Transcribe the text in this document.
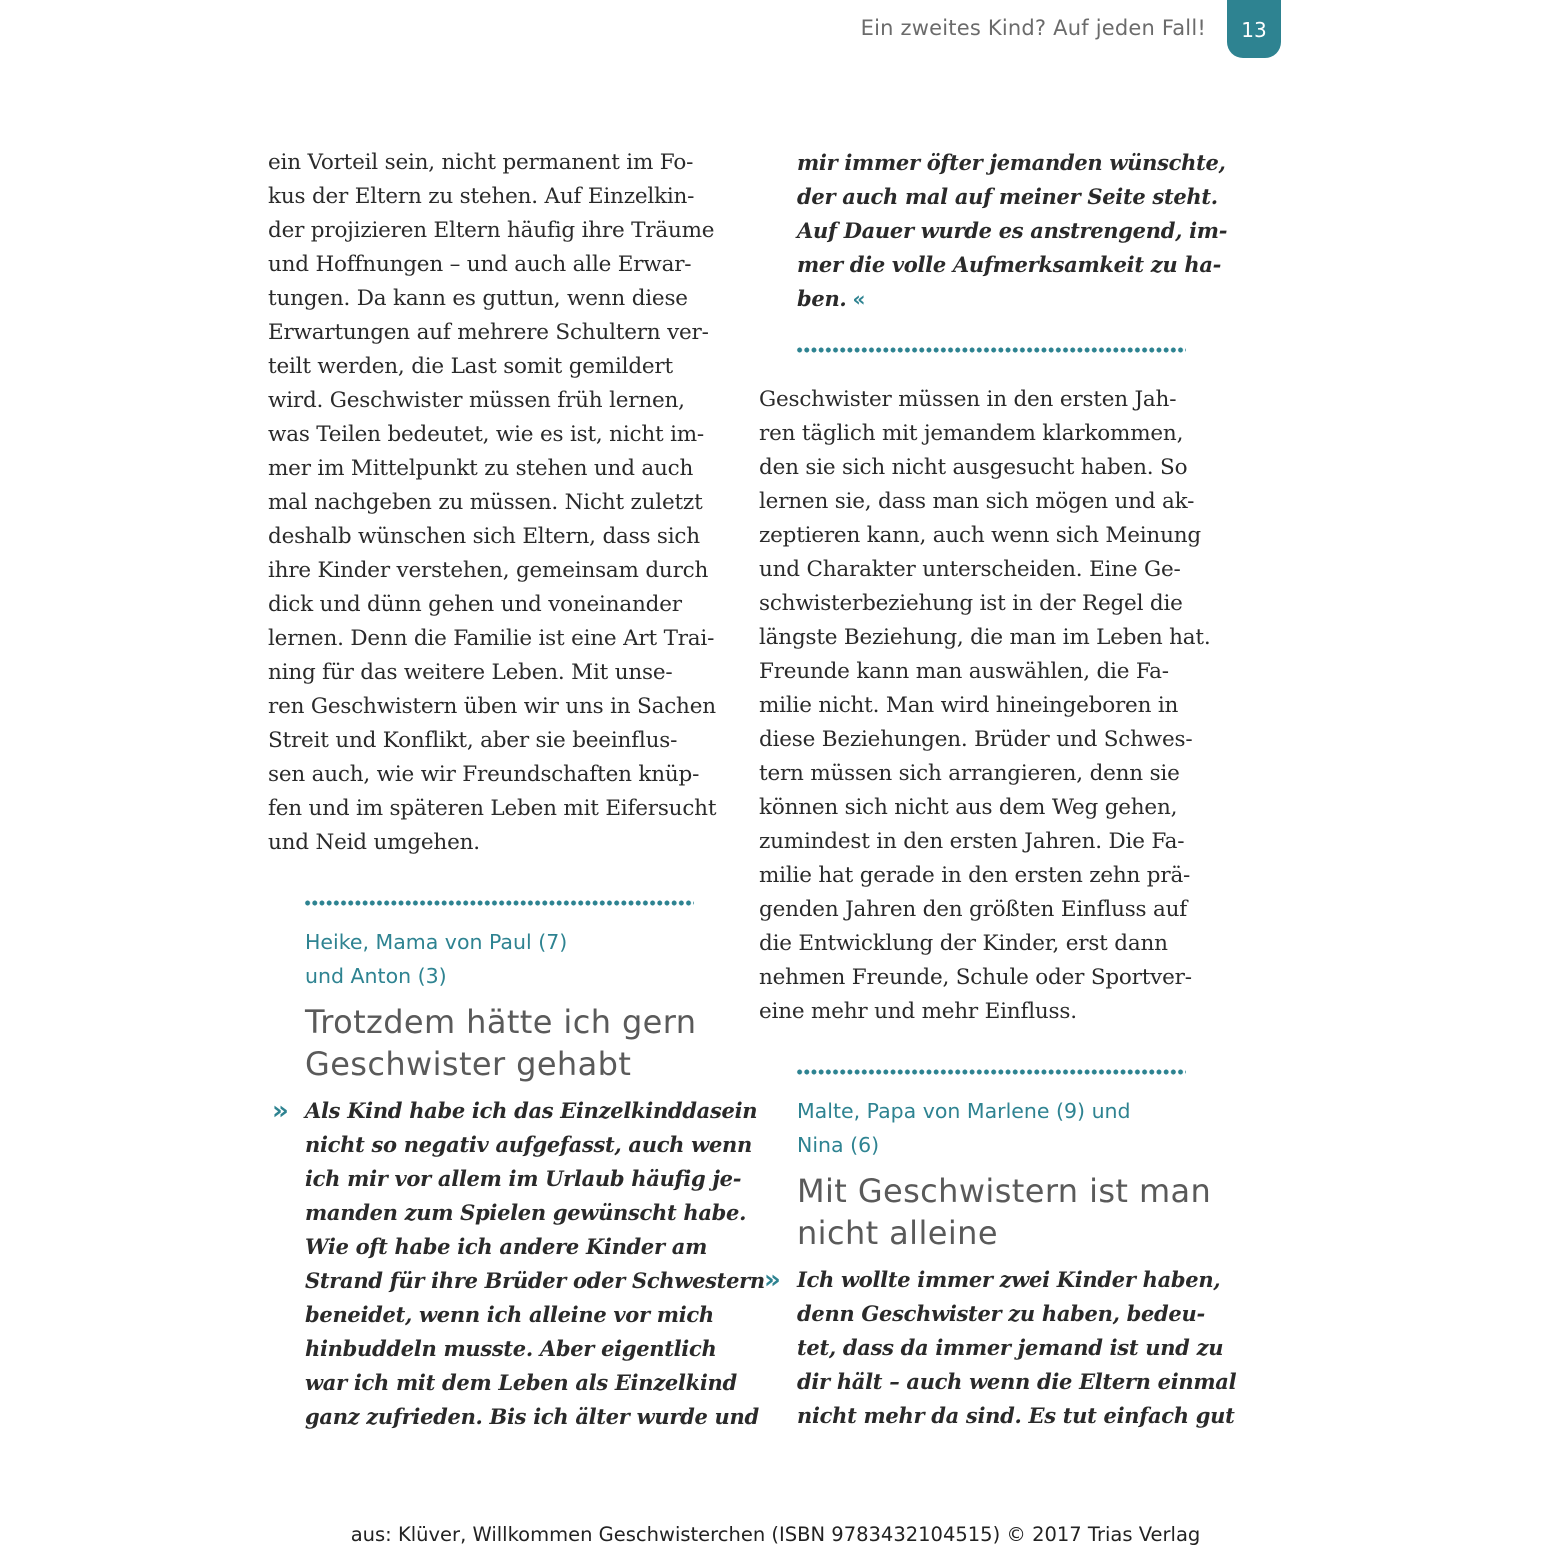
Ein zweites Kind? Auf jeden Fall!	13
ein Vorteil sein, nicht permanent im Fo-
kus der Eltern zu stehen. Auf Einzelkin-
der projizieren Eltern häufig ihre Träume
und Hoffnungen – und auch alle Erwar-
tungen. Da kann es guttun, wenn diese
Erwartungen auf mehrere Schultern ver-
teilt werden, die Last somit gemildert
wird. Geschwister müssen früh lernen,
was Teilen bedeutet, wie es ist, nicht im-
mer im Mittelpunkt zu stehen und auch
mal nachgeben zu müssen. Nicht zuletzt
deshalb wünschen sich Eltern, dass sich
ihre Kinder verstehen, gemeinsam durch
dick und dünn gehen und voneinander
lernen. Denn die Familie ist eine Art Trai-
ning für das weitere Leben. Mit unse-
ren Geschwistern üben wir uns in Sachen
Streit und Konflikt, aber sie beeinflus-
sen auch, wie wir Freundschaften knüp-
fen und im späteren Leben mit Eifersucht
und Neid umgehen.
Heike, Mama von Paul (7)
und Anton (3)
Trotzdem hätte ich gern
Geschwister gehabt
» Als Kind habe ich das Einzelkinddasein
nicht so negativ aufgefasst, auch wenn
ich mir vor allem im Urlaub häufig je-
manden zum Spielen gewünscht habe.
Wie oft habe ich andere Kinder am
Strand für ihre Brüder oder Schwestern
beneidet, wenn ich alleine vor mich
hinbuddeln musste. Aber eigentlich
war ich mit dem Leben als Einzelkind
ganz zufrieden. Bis ich älter wurde und
mir immer öfter jemanden wünschte,
der auch mal auf meiner Seite steht.
Auf Dauer wurde es anstrengend, im-
mer die volle Aufmerksamkeit zu ha-
ben. «
Geschwister müssen in den ersten Jah-
ren täglich mit jemandem klarkommen,
den sie sich nicht ausgesucht haben. So
lernen sie, dass man sich mögen und ak-
zeptieren kann, auch wenn sich Meinung
und Charakter unterscheiden. Eine Ge-
schwisterbeziehung ist in der Regel die
längste Beziehung, die man im Leben hat.
Freunde kann man auswählen, die Fa-
milie nicht. Man wird hineingeboren in
diese Beziehungen. Brüder und Schwes-
tern müssen sich arrangieren, denn sie
können sich nicht aus dem Weg gehen,
zumindest in den ersten Jahren. Die Fa-
milie hat gerade in den ersten zehn prä-
genden Jahren den größten Einfluss auf
die Entwicklung der Kinder, erst dann
nehmen Freunde, Schule oder Sportver-
eine mehr und mehr Einfluss.
Malte, Papa von Marlene (9) und
Nina (6)
Mit Geschwistern ist man
nicht alleine
» Ich wollte immer zwei Kinder haben,
denn Geschwister zu haben, bedeu-
tet, dass da immer jemand ist und zu
dir hält – auch wenn die Eltern einmal
nicht mehr da sind. Es tut einfach gut
aus: Klüver, Willkommen Geschwisterchen (ISBN 9783432104515) © 2017 Trias Verlag
